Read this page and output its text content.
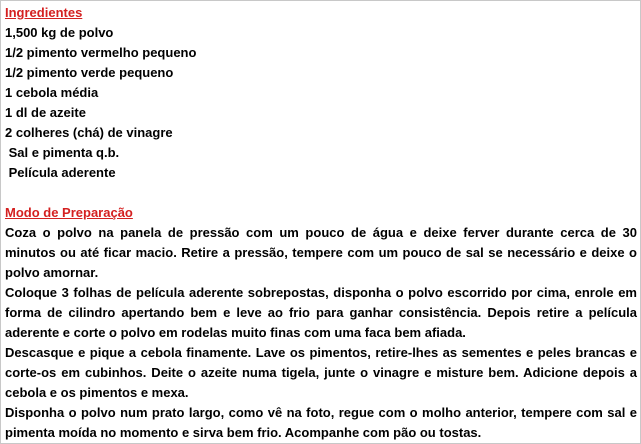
Ingredientes
1,500 kg de polvo
1/2 pimento vermelho pequeno
1/2 pimento verde pequeno
1 cebola média
1 dl de azeite
2 colheres (chá) de vinagre
Sal e pimenta q.b.
Película aderente
Modo de Preparação

Coza o polvo na panela de pressão com um pouco de água e deixe ferver durante cerca de 30 minutos ou até ficar macio. Retire a pressão, tempere com um pouco de sal se necessário e deixe o polvo amornar.

Coloque 3 folhas de película aderente sobrepostas, disponha o polvo escorrido por cima, enrole em forma de cilindro apertando bem e leve ao frio para ganhar consistência. Depois retire a película aderente e corte o polvo em rodelas muito finas com uma faca bem afiada.

Descasque e pique a cebola finamente. Lave os pimentos, retire-lhes as sementes e peles brancas e corte-os em cubinhos. Deite o azeite numa tigela, junte o vinagre e misture bem. Adicione depois a cebola e os pimentos e mexa.

Disponha o polvo num prato largo, como vê na foto, regue com o molho anterior, tempere com sal e pimenta moída no momento e sirva bem frio. Acompanhe com pão ou tostas.
